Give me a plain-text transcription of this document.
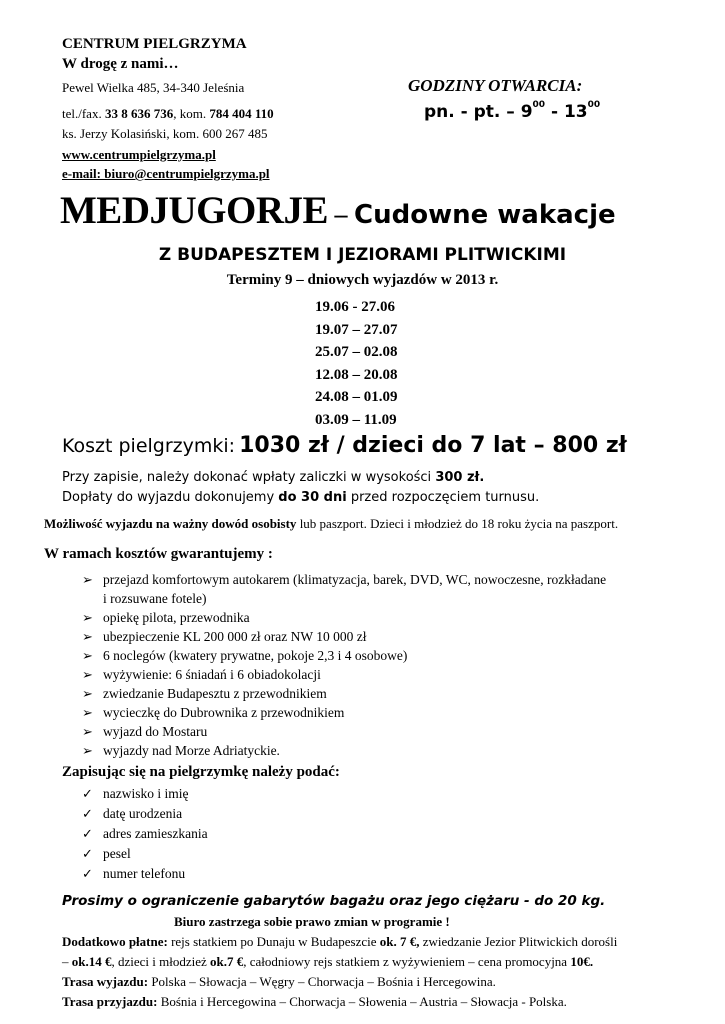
CENTRUM PIELGRZYMA
W drogę z nami…
Pewel Wielka 485, 34-340 Jeleśnia
tel./fax. 33 8 636 736, kom. 784 404 110
ks. Jerzy Kolasiński, kom. 600 267 485
www.centrumpielgrzyma.pl
e-mail: biuro@centrumpielgrzyma.pl
GODZINY OTWARCIA:
pn. - pt. – $9^{00} - 13^{00}$
MEDJUGORJE – Cudowne wakacje
Z BUDAPESZTEM I JEZIORAMI PLITWICKIMI
Terminy 9 – dniowych wyjazdów w 2013 r.
19.06 - 27.06
19.07 – 27.07
25.07 – 02.08
12.08 – 20.08
24.08 – 01.09
03.09 – 11.09
Koszt pielgrzymki: 1030 zł / dzieci do 7 lat – 800 zł
Przy zapisie, należy dokonać wpłaty zaliczki w wysokości 300 zł.
Dopłaty do wyjazdu dokonujemy do 30 dni przed rozpoczęciem turnusu.
Możliwość wyjazdu na ważny dowód osobisty lub paszport. Dzieci i młodzież do 18 roku życia na paszport.
W ramach kosztów gwarantujemy :
➢ przejazd komfortowym autokarem (klimatyzacja, barek, DVD, WC, nowoczesne, rozkładane
i rozsuwane fotele)
➢ opiekę pilota, przewodnika
➢ ubezpieczenie KL 200 000 zł oraz NW 10 000 zł
➢ 6 noclegów (kwatery prywatne, pokoje 2,3 i 4 osobowe)
➢ wyżywienie: 6 śniadań i 6 obiadokolacji
➢ zwiedzanie Budapesztu z przewodnikiem
➢ wycieczkę do Dubrownika z przewodnikiem
➢ wyjazd do Mostaru
➢ wyjazdy nad Morze Adriatyckie.
Zapisując się na pielgrzymkę należy podać:
✓ nazwisko i imię
✓ datę urodzenia
✓ adres zamieszkania
✓ pesel
✓ numer telefonu
Prosimy o ograniczenie gabarytów bagażu oraz jego ciężaru - do 20 kg.
Biuro zastrzega sobie prawo zmian w programie !
Dodatkowo płatne: rejs statkiem po Dunaju w Budapeszcie ok. 7 €, zwiedzanie Jezior Plitwickich dorośli
– ok.14 €, dzieci i młodzież ok.7 €, całodniowy rejs statkiem z wyżywieniem – cena promocyjna 10€.
Trasa wyjazdu: Polska – Słowacja – Węgry – Chorwacja – Bośnia i Hercegowina.
Trasa przyjazdu: Bośnia i Hercegowina – Chorwacja – Słowenia – Austria – Słowacja - Polska.
